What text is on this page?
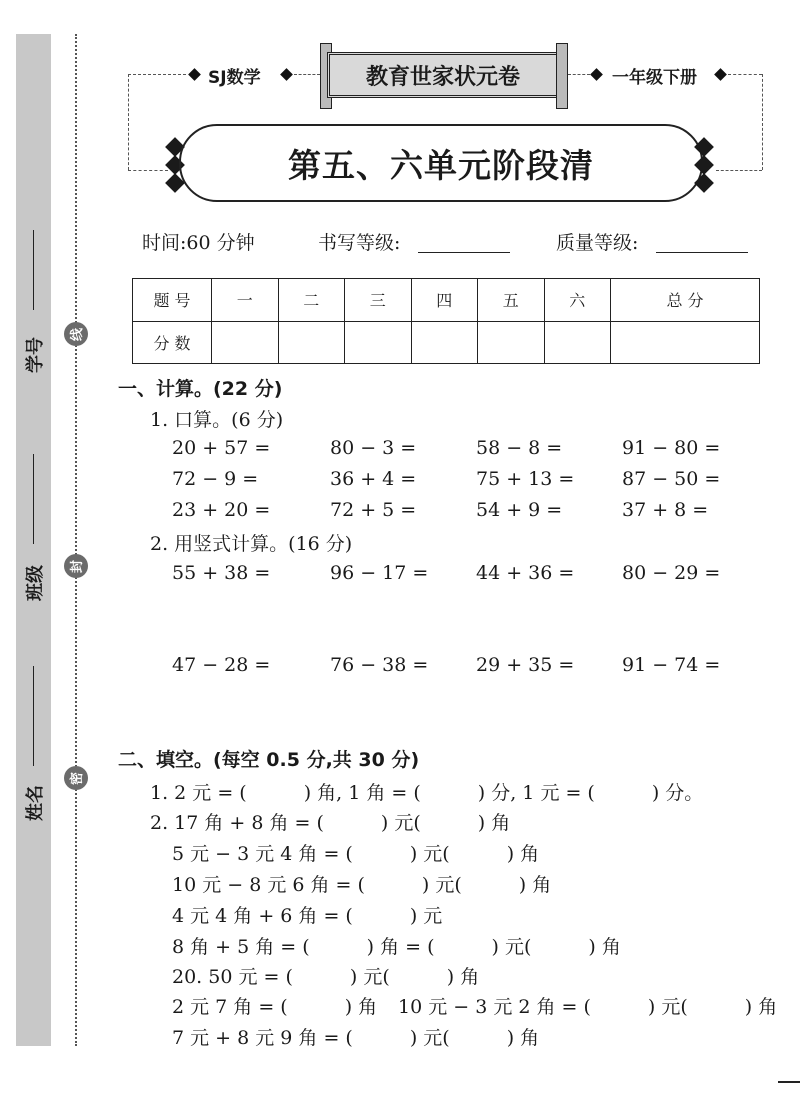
学号
班级
姓名
线
封
密
SJ数学	教育世家状元卷	一年级下册
第五、六单元阶段清
时间:60 分钟	书写等级:	质量等级:
题 号	一	二	三	四	五	六	总 分
分 数							
一、计算。(22 分)
1. 口算。(6 分)
20 + 57 =	80 − 3 =	58 − 8 =	91 − 80 =
72 − 9 =	36 + 4 =	75 + 13 =	87 − 50 =
23 + 20 =	72 + 5 =	54 + 9 =	37 + 8 =
2. 用竖式计算。(16 分)
55 + 38 =	96 − 17 =	44 + 36 =	80 − 29 =
47 − 28 =	76 − 38 =	29 + 35 =	91 − 74 =
二、填空。(每空 0.5 分,共 30 分)
1. 2 元 = (　　　) 角, 1 角 = (　　　) 分, 1 元 = (　　　) 分。
2. 17 角 + 8 角 = (　　　) 元(　　　) 角
5 元 − 3 元 4 角 = (　　　) 元(　　　) 角
10 元 − 8 元 6 角 = (　　　) 元(　　　) 角
4 元 4 角 + 6 角 = (　　　) 元
8 角 + 5 角 = (　　　) 角 = (　　　) 元(　　　) 角
20. 50 元 = (　　　) 元(　　　) 角
2 元 7 角 = (　　　) 角 10 元 − 3 元 2 角 = (　　　) 元(　　　) 角
7 元 + 8 元 9 角 = (　　　) 元(　　　) 角
